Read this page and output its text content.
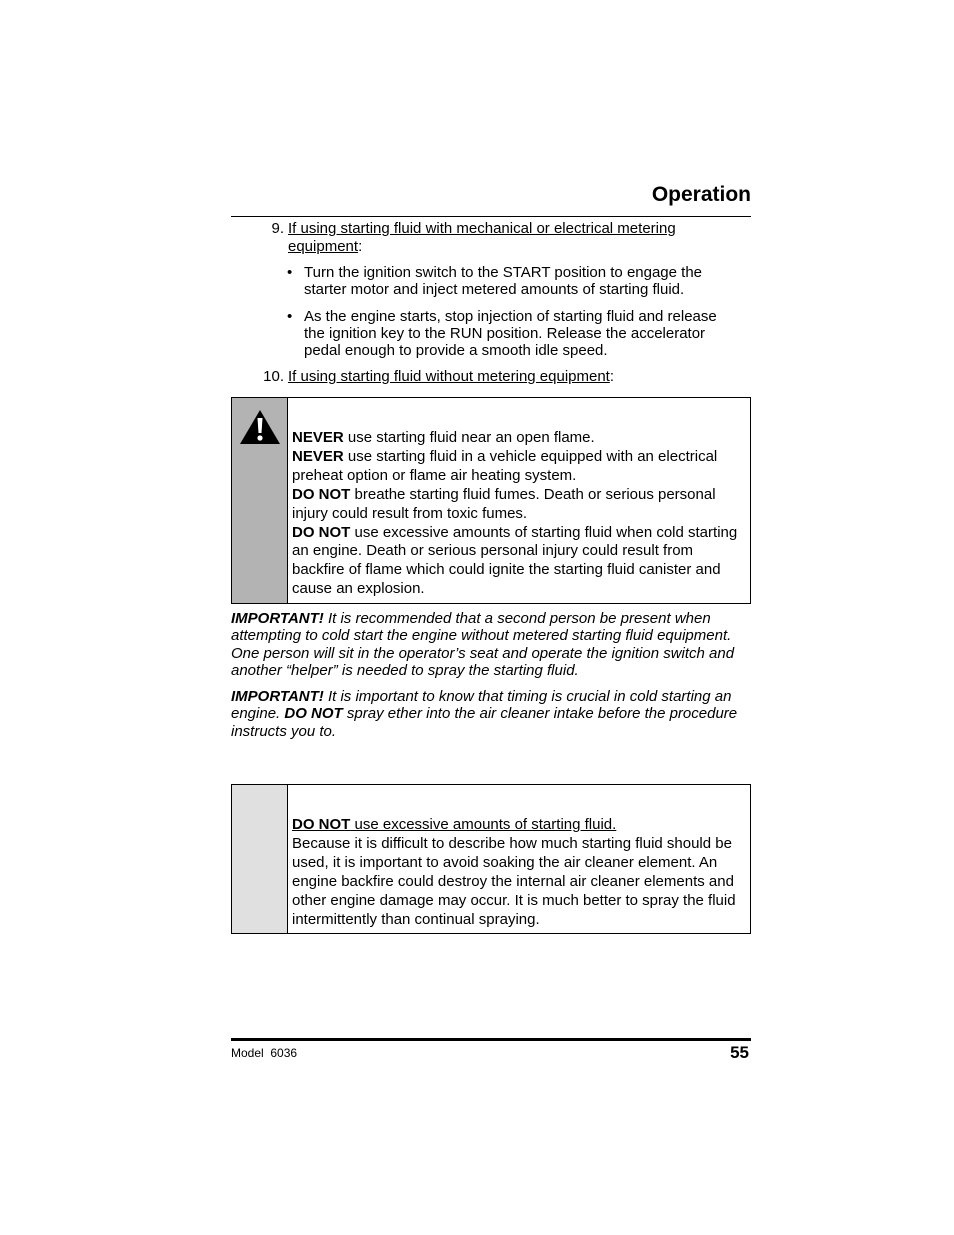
Operation
9. If using starting fluid with mechanical or electrical metering equipment:
• Turn the ignition switch to the START position to engage the starter motor and inject metered amounts of starting fluid.
• As the engine starts, stop injection of starting fluid and release the ignition key to the RUN position. Release the accelerator pedal enough to provide a smooth idle speed.
10. If using starting fluid without metering equipment:

NEVER use starting fluid near an open flame.

NEVER use starting fluid in a vehicle equipped with an electrical preheat option or flame air heating system.

DO NOT breathe starting fluid fumes. Death or serious personal injury could result from toxic fumes.

DO NOT use excessive amounts of starting fluid when cold starting an engine. Death or serious personal injury could result from backfire of flame which could ignite the starting fluid canister and cause an explosion.

IMPORTANT! It is recommended that a second person be present when attempting to cold start the engine without metered starting fluid equipment. One person will sit in the operator’s seat and operate the ignition switch and another “helper” is needed to spray the starting fluid.
IMPORTANT! It is important to know that timing is crucial in cold starting an engine. DO NOT spray ether into the air cleaner intake before the procedure instructs you to.

DO NOT use excessive amounts of starting fluid.

Because it is difficult to describe how much starting fluid should be used, it is important to avoid soaking the air cleaner element. An engine backfire could destroy the internal air cleaner elements and other engine damage may occur. It is much better to spray the fluid intermittently than continual spraying.

Model  6036	55
